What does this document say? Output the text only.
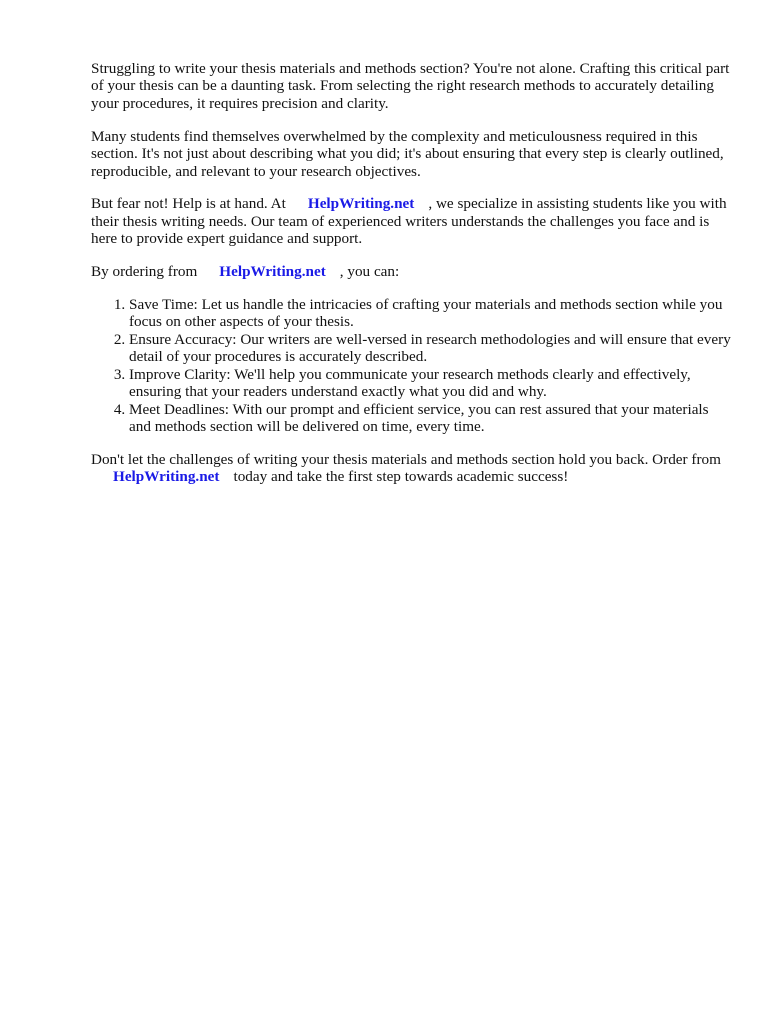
Struggling to write your thesis materials and methods section? You're not alone. Crafting this critical part of your thesis can be a daunting task. From selecting the right research methods to accurately detailing your procedures, it requires precision and clarity.

Many students find themselves overwhelmed by the complexity and meticulousness required in this section. It's not just about describing what you did; it's about ensuring that every step is clearly outlined, reproducible, and relevant to your research objectives.

But fear not! Help is at hand. At HelpWriting.net , we specialize in assisting students like you with their thesis writing needs. Our team of experienced writers understands the challenges you face and is here to provide expert guidance and support.

By ordering from HelpWriting.net , you can:

1. Save Time: Let us handle the intricacies of crafting your materials and methods section while you focus on other aspects of your thesis.
2. Ensure Accuracy: Our writers are well-versed in research methodologies and will ensure that every detail of your procedures is accurately described.
3. Improve Clarity: We'll help you communicate your research methods clearly and effectively, ensuring that your readers understand exactly what you did and why.
4. Meet Deadlines: With our prompt and efficient service, you can rest assured that your materials and methods section will be delivered on time, every time.

Don't let the challenges of writing your thesis materials and methods section hold you back. Order fromHelpWriting.net today and take the first step towards academic success!
